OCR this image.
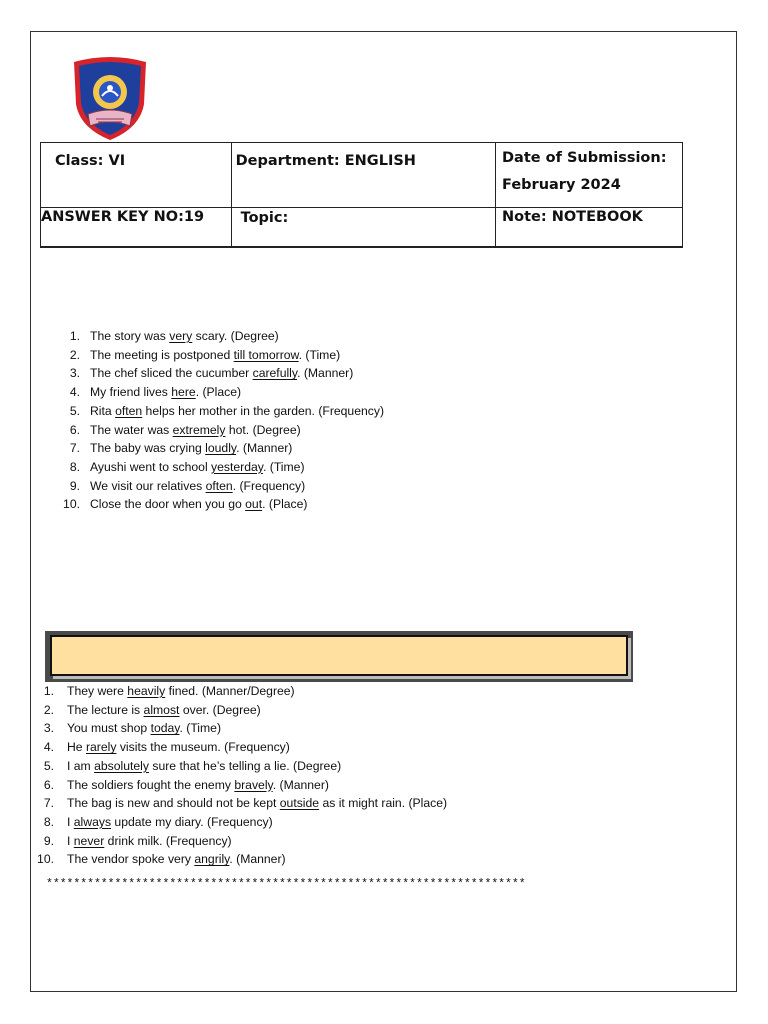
Class: VI	Department: ENGLISH	Date of Submission:
February 2024

ANSWER KEY NO:19	Topic:	Note: NOTEBOOK
1. The story was very scary. (Degree)
2. The meeting is postponed till tomorrow. (Time)
3. The chef sliced the cucumber carefully. (Manner)
4. My friend lives here. (Place)
5. Rita often helps her mother in the garden. (Frequency)
6. The water was extremely hot. (Degree)
7. The baby was crying loudly. (Manner)
8. Ayushi went to school yesterday. (Time)
9. We visit our relatives often. (Frequency)
10. Close the door when you go out. (Place)
1. They were heavily fined. (Manner/Degree)
2. The lecture is almost over. (Degree)
3. You must shop today. (Time)
4. He rarely visits the museum. (Frequency)
5. I am absolutely sure that he’s telling a lie. (Degree)
6. The soldiers fought the enemy bravely. (Manner)
7. The bag is new and should not be kept outside as it might rain. (Place)
8. I always update my diary. (Frequency)
9. I never drink milk. (Frequency)
10. The vendor spoke very angrily. (Manner)
**********************************************************************
